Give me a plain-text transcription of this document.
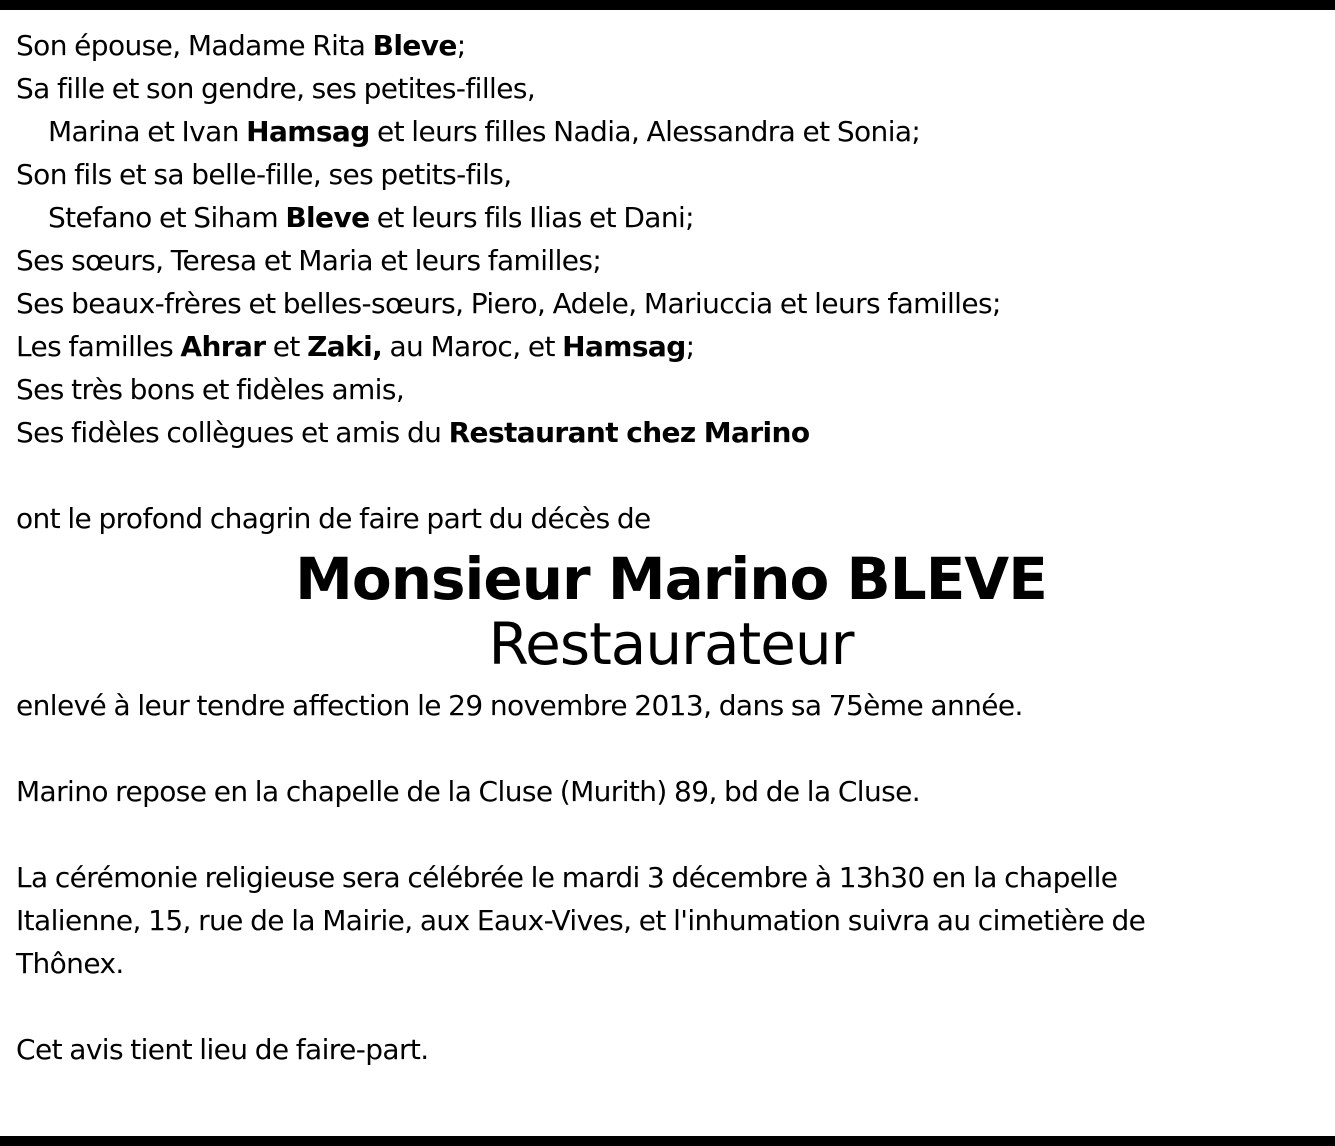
Son épouse, Madame Rita Bleve;
Sa fille et son gendre, ses petites-filles,
Marina et Ivan Hamsag et leurs filles Nadia, Alessandra et Sonia;
Son fils et sa belle-fille, ses petits-fils,
Stefano et Siham Bleve et leurs fils Ilias et Dani;
Ses sœurs, Teresa et Maria et leurs familles;
Ses beaux-frères et belles-sœurs, Piero, Adele, Mariuccia et leurs familles;
Les familles Ahrar et Zaki, au Maroc, et Hamsag;
Ses très bons et fidèles amis,
Ses fidèles collègues et amis du Restaurant chez Marino
ont le profond chagrin de faire part du décès de
Monsieur Marino BLEVE
Restaurateur
enlevé à leur tendre affection le 29 novembre 2013, dans sa 75ème année.
Marino repose en la chapelle de la Cluse (Murith) 89, bd de la Cluse.
La cérémonie religieuse sera célébrée le mardi 3 décembre à 13h30 en la chapelle
Italienne, 15, rue de la Mairie, aux Eaux-Vives, et l'inhumation suivra au cimetière de
Thônex.
Cet avis tient lieu de faire-part.
